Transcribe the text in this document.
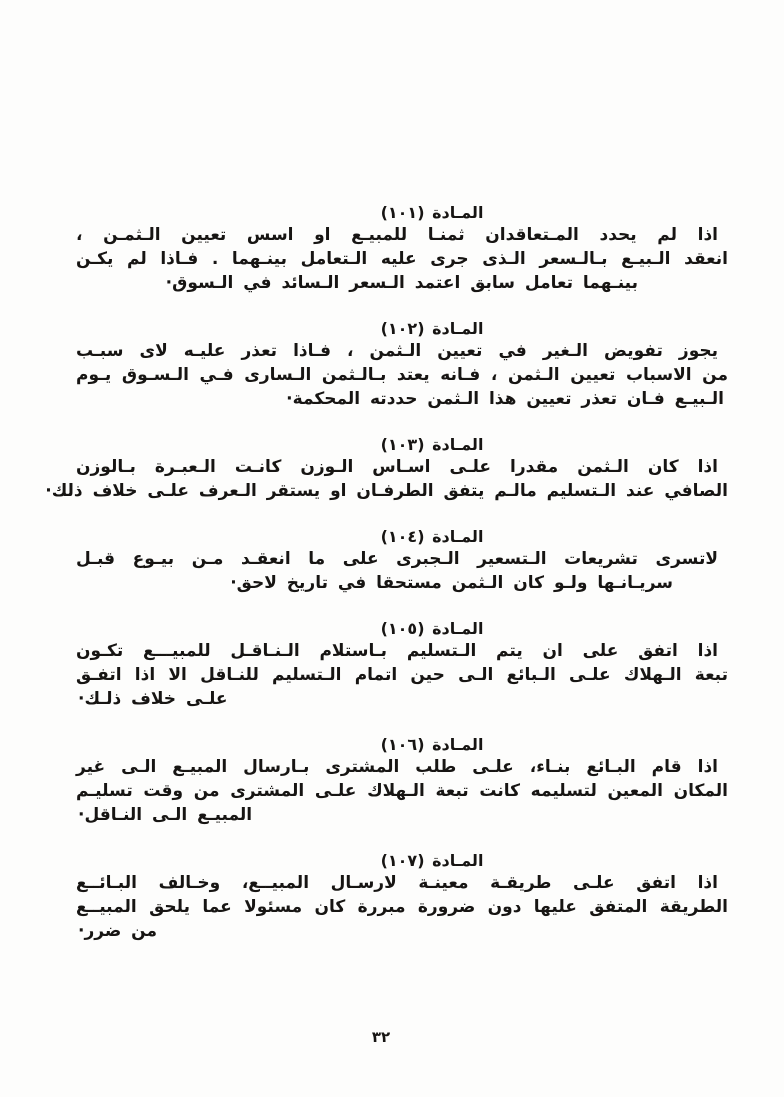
المـادة (١٠١)
اذا لم يحدد المـتعاقدان ثمنـا للمبيـع او اسس تعيين الـثمـن ،
انعقد الـبيـع بـالـسعر الـذى جرى عليه الـتعامل بينـهما . فـاذا لم يكـن
بينـهما تعامل سابق اعتمد الـسعر الـسائد في الـسوق·
المـادة (١٠٢)
يجوز تفويض الـغير في تعيين الـثمن ، فـاذا تعذر عليـه لاى سبـب
من الاسباب تعيين الـثمن ، فـانه يعتد بـالـثمن الـسارى فـي الـسـوق يـوم
الـبيـع فـان تعذر تعيين هذا الـثمن حددته المحكمة·
المـادة (١٠٣)
اذا كان الـثمن مقدرا علـى اسـاس الـوزن كانـت الـعبـرة بـالوزن
الصافي عند الـتسليم مالـم يتفق الطرفـان او يستقر الـعرف علـى خلاف ذلك·
المـادة (١٠٤)
لاتسرى تشريعات الـتسعير الـجبرى على ما انعقـد مـن بيـوع قبـل
سريـانـها ولـو كان الـثمن مستحقا في تاريخ لاحق·
المـادة (١٠٥)
اذا اتفق على ان يتم الـتسليم بـاستلام الـنـاقـل للمبيـــع تكـون
تبعة الـهلاك علـى الـبائع الـى حين اتمام الـتسليم للنـاقل الا اذا اتفـق
علـى خلاف ذلـك·
المـادة (١٠٦)
اذا قام البـائع بنـاء، علـى طلب المشترى بـارسال المبيـع الـى غير
المكان المعين لتسليمه كانت تبعة الـهلاك علـى المشترى من وقت تسليـم
المبيـع الـى النـاقل·
المـادة (١٠٧)
اذا اتفق علـى طريقـة معينـة لارسـال المبيــع، وخـالف البـائــع
الطريقة المتفق عليها دون ضرورة مبررة كان مسئولا عما يلحق المبيــع
من ضرر·
٣٢
